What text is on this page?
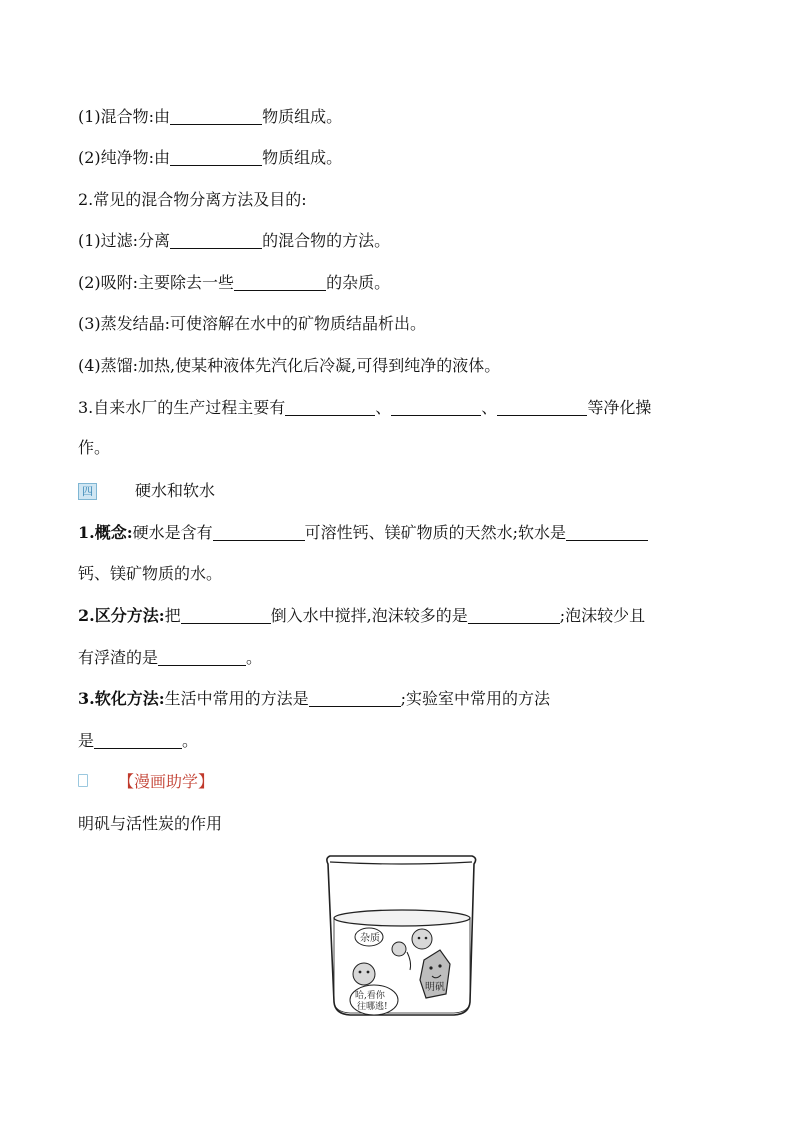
(1)混合物:由	物质组成。
(2)纯净物:由	物质组成。
2.常见的混合物分离方法及目的:
(1)过滤:分离	的混合物的方法。
(2)吸附:主要除去一些	的杂质。
(3)蒸发结晶:可使溶解在水中的矿物质结晶析出。
(4)蒸馏:加热,使某种液体先汽化后冷凝,可得到纯净的液体。
3.自来水厂的生产过程主要有	、	、	等净化操
作。
四	硬水和软水
1.概念:硬水是含有	可溶性钙、镁矿物质的天然水;软水是
钙、镁矿物质的水。
2.区分方法:把	倒入水中搅拌,泡沫较多的是	;泡沫较少且
有浮渣的是	。
3.软化方法:生活中常用的方法是	;实验室中常用的方法
是	。
【漫画助学】
明矾与活性炭的作用
杂质
明矾
哈,看你
往哪逃!
